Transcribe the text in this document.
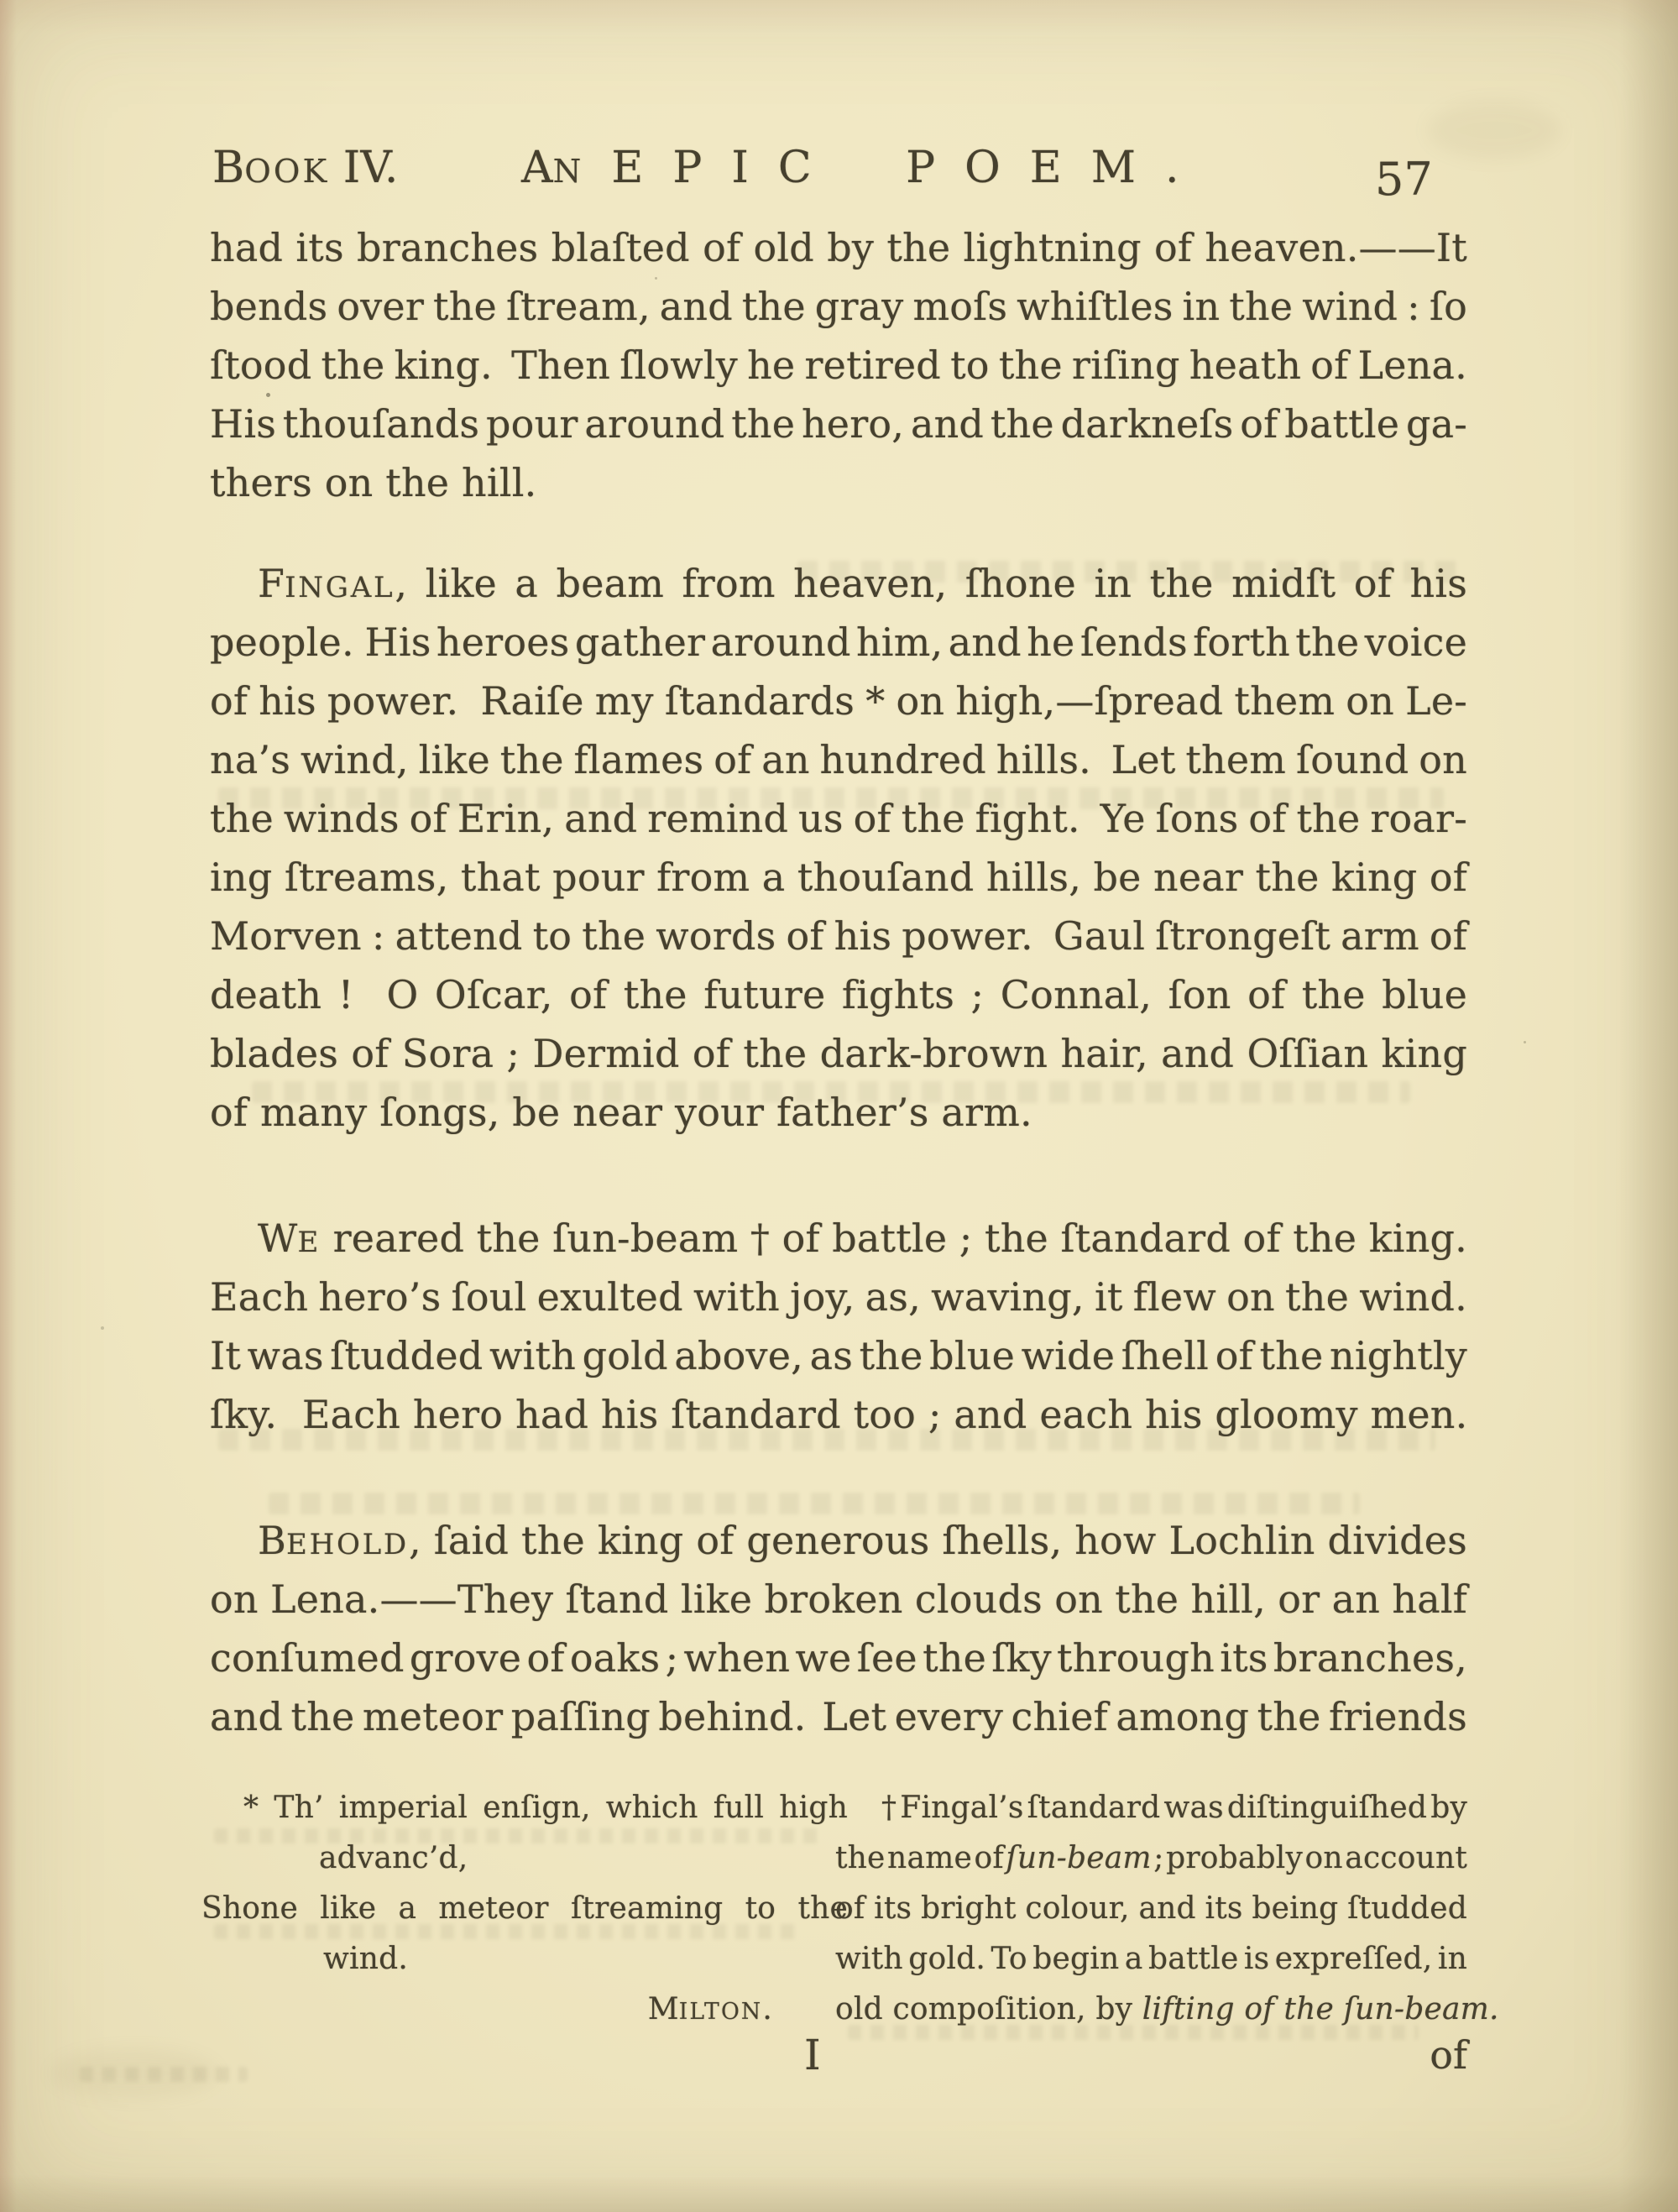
BOOK IV.	AN EPIC POEM.	57
had its branches blaſted of old by the lightning of heaven.——It
bends over the ſtream, and the gray moſs whiſtles in the wind : ſo
ſtood the king.  Then ſlowly he retired to the riſing heath of Lena.
His thouſands pour around the hero, and the darkneſs of battle ga-
thers on the hill.
FINGAL, like a beam from heaven, ſhone in the midſt of his
people.  His heroes gather around him, and he ſends forth the voice
of his power.  Raiſe my ſtandards * on high,—ſpread them on Le-
na’s wind, like the flames of an hundred hills.  Let them ſound on
the winds of Erin, and remind us of the fight.  Ye ſons of the roar-
ing ſtreams, that pour from a thouſand hills, be near the king of
Morven : attend to the words of his power.  Gaul ſtrongeſt arm of
death !  O Oſcar, of the future fights ; Connal, ſon of the blue
blades of Sora ; Dermid of the dark-brown hair, and Oſſian king
of many ſongs, be near your father’s arm.
WE reared the ſun-beam † of battle ; the ſtandard of the king.
Each hero’s ſoul exulted with joy, as, waving, it flew on the wind.
It was ſtudded with gold above, as the blue wide ſhell of the nightly
ſky.  Each hero had his ſtandard too ; and each his gloomy men.
BEHOLD, ſaid the king of generous ſhells, how Lochlin divides
on Lena.——They ſtand like broken clouds on the hill, or an half
conſumed grove of oaks ; when we ſee the ſky through its branches,
and the meteor paſſing behind.  Let every chief among the friends
* Th’ imperial enſign, which full high
advanc’d,
Shone like a meteor ſtreaming to the
wind.
MILTON.
† Fingal’s ſtandard was diſtinguiſhed by
the name of ſun-beam ; probably on account
of its bright colour, and its being ſtudded
with gold. To begin a battle is expreſſed, in
old compoſition, by lifting of the ſun-beam.
I	of
